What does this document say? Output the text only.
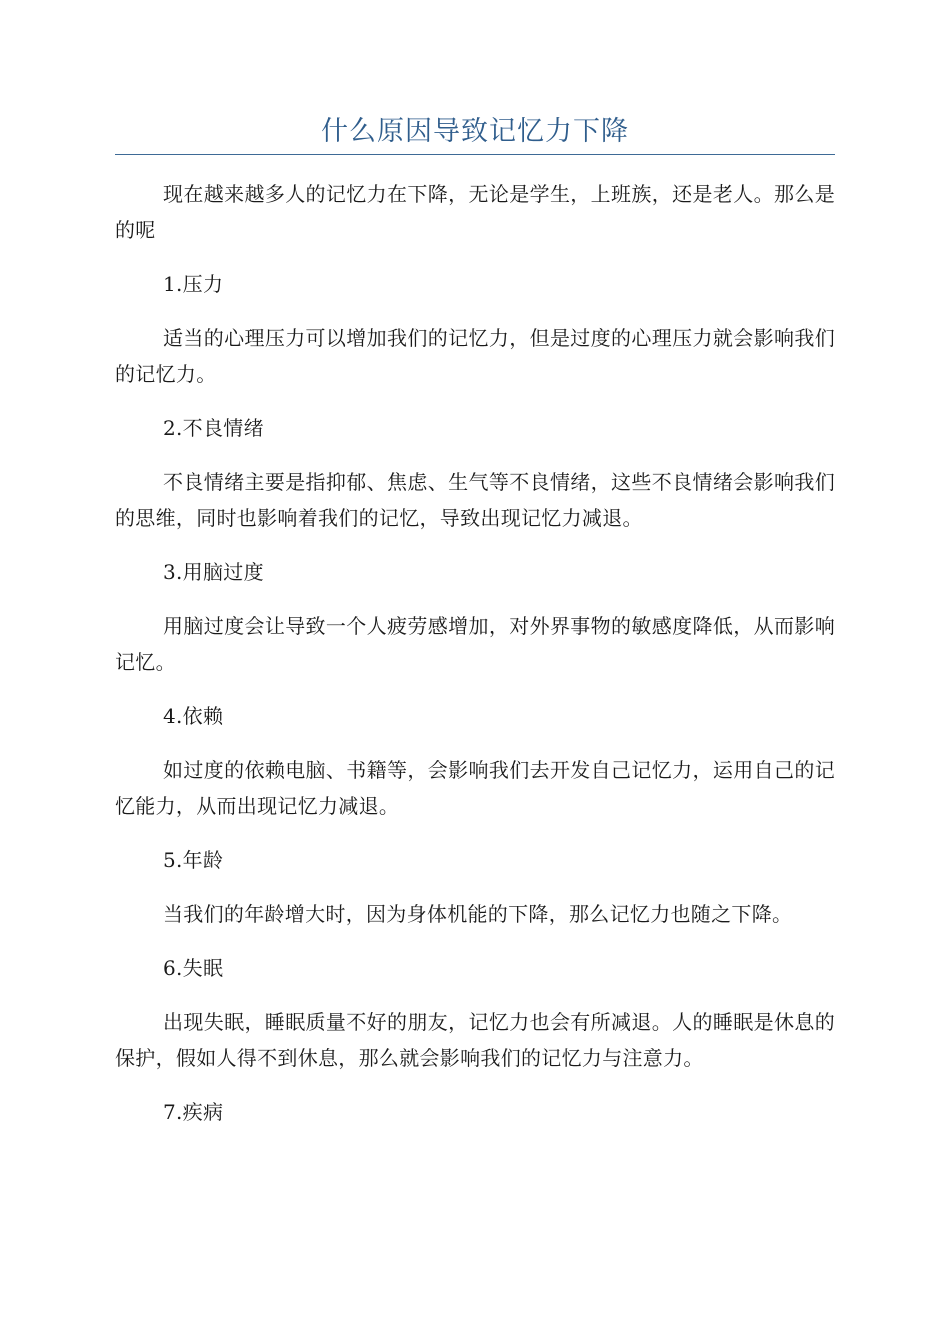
什么原因导致记忆力下降

现在越来越多人的记忆力在下降，无论是学生，上班族，还是老人。那么是的呢

1.压力

适当的心理压力可以增加我们的记忆力，但是过度的心理压力就会影响我们的记忆力。

2.不良情绪

不良情绪主要是指抑郁、焦虑、生气等不良情绪，这些不良情绪会影响我们的思维，同时也影响着我们的记忆，导致出现记忆力减退。

3.用脑过度

用脑过度会让导致一个人疲劳感增加，对外界事物的敏感度降低，从而影响记忆。

4.依赖

如过度的依赖电脑、书籍等，会影响我们去开发自己记忆力，运用自己的记忆能力，从而出现记忆力减退。

5.年龄

当我们的年龄增大时，因为身体机能的下降，那么记忆力也随之下降。

6.失眠

出现失眠，睡眠质量不好的朋友，记忆力也会有所减退。人的睡眠是休息的保护，假如人得不到休息，那么就会影响我们的记忆力与注意力。

7.疾病
